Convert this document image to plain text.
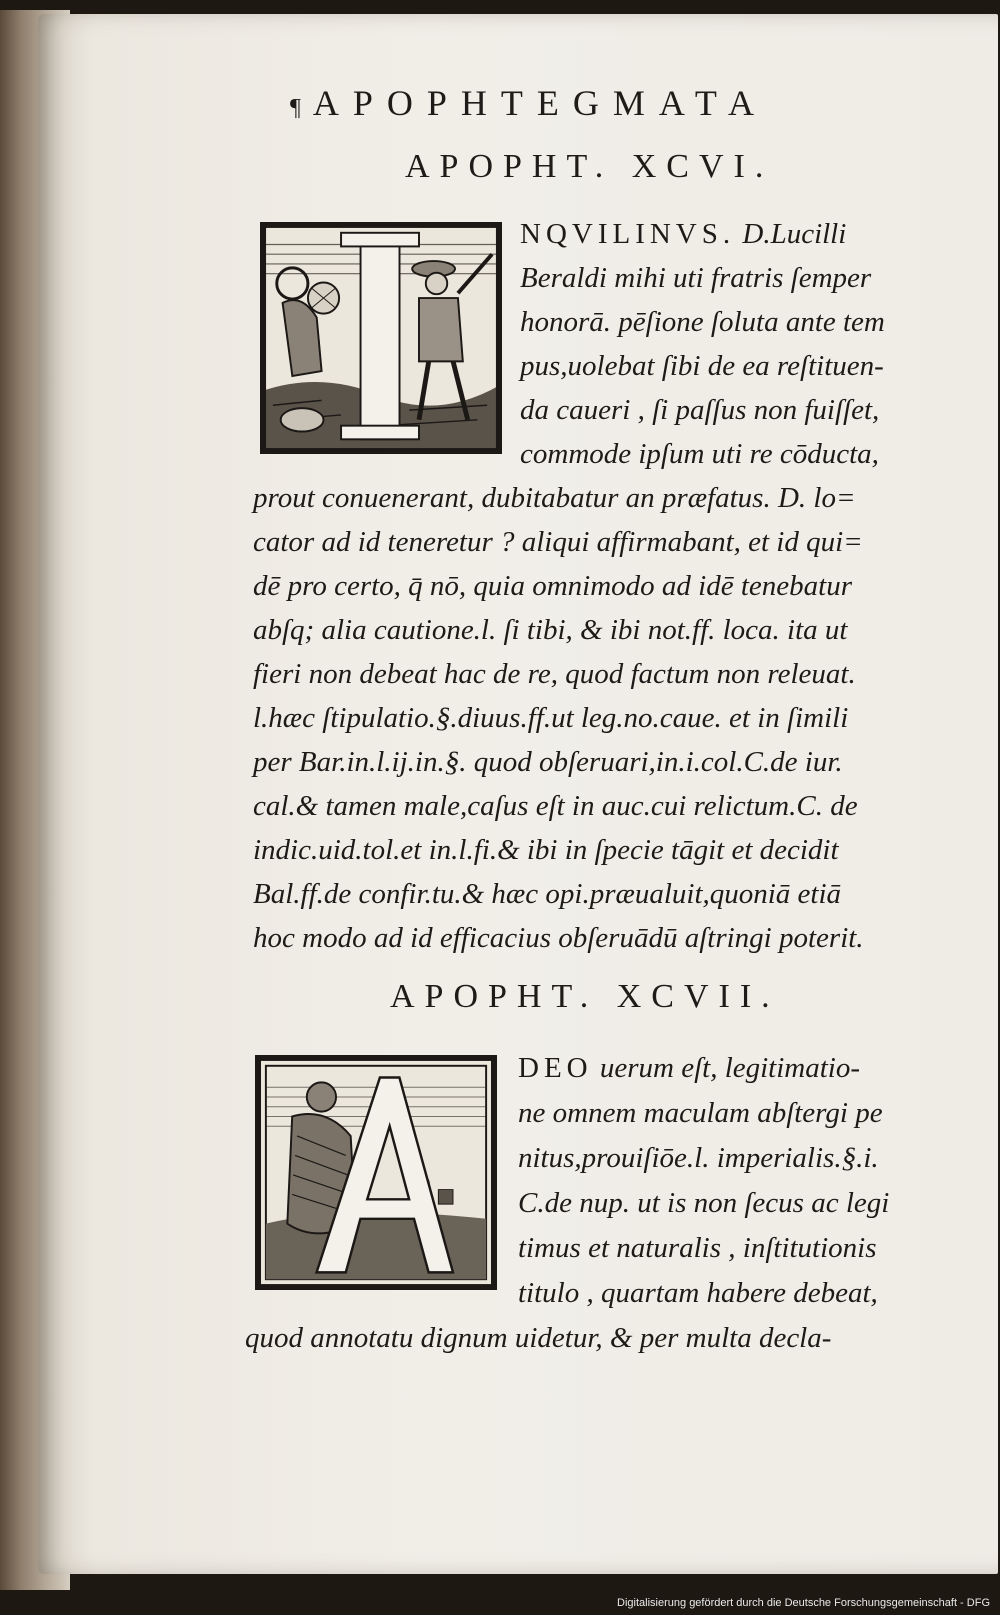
¶ APOPHTEGMATA
APOPHT. XCVI.
NQVILINVS. D.Lucilli
Beraldi mihi uti fratris ſemper
honorā. pēſione ſoluta ante tem
pus,uolebat ſibi de ea reſtituen-
da caueri , ſi paſſus non fuiſſet,
commode ipſum uti re cōducta,
prout conuenerant, dubitabatur an præfatus. D. lo=
cator ad id teneretur ? aliqui affirmabant, et id qui=
dē pro certo, q̄ nō, quia omnimodo ad idē tenebatur
abſq; alia cautione.l. ſi tibi, & ibi not.ff. loca. ita ut
fieri non debeat hac de re, quod factum non releuat.
l.hæc ſtipulatio.§.diuus.ff.ut leg.no.caue. et in ſimili
per Bar.in.l.ij.in.§. quod obſeruari,in.i.col.C.de iur.
cal.& tamen male,caſus eſt in auc.cui relictum.C. de
indic.uid.tol.et in.l.fi.& ibi in ſpecie tāgit et decidit
Bal.ff.de confir.tu.& hæc opi.præualuit,quoniā etiā
hoc modo ad id efficacius obſeruādū aſtringi poterit.
APOPHT. XCVII.
DEO uerum eſt, legitimatio-
ne omnem maculam abſtergi pe
nitus,prouiſiōe.l. imperialis.§.i.
C.de nup. ut is non ſecus ac legi
timus et naturalis , inſtitutionis
titulo , quartam habere debeat,
quod annotatu dignum uidetur, & per multa decla-
Digitalisierung gefördert durch die Deutsche Forschungsgemeinschaft - DFG
